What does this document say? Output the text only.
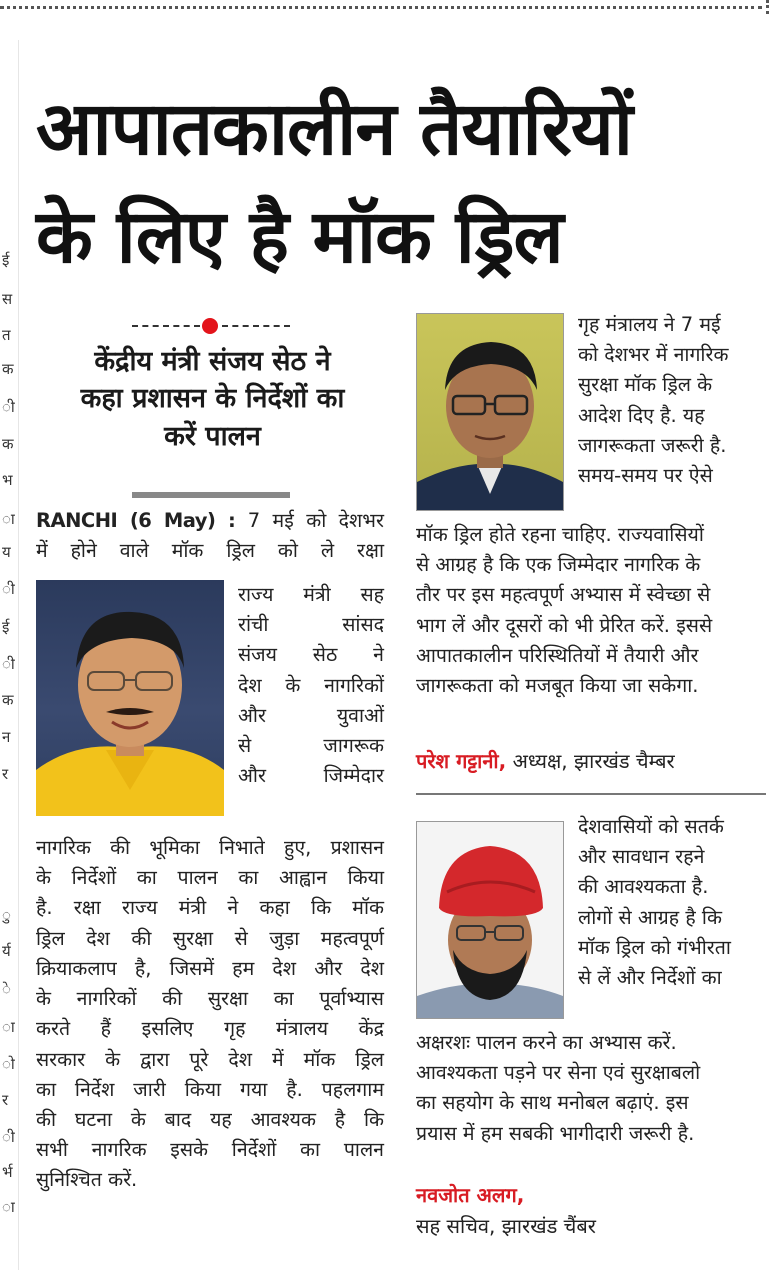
ई
स
त
क
ी
क
भ
ा
य
ी
ई
ी
क
न
र
ु
र्य
े
ा
ो
र
ी
र्भ
ा
आपातकालीन तैयारियों
के लिए है मॉक ड्रिल
केंद्रीय मंत्री संजय सेठ ने
कहा प्रशासन के निर्देशों का
करें पालन
RANCHI (6 May) : 7 मई को देशभर
में होने वाले मॉक ड्रिल को ले रक्षा
राज्य मंत्री सह
रांची सांसद
संजय सेठ ने
देश के नागरिकों
और युवाओं
से जागरूक
और जिम्मेदार
नागरिक की भूमिका निभाते हुए, प्रशासन
के निर्देशों का पालन का आह्वान किया
है. रक्षा राज्य मंत्री ने कहा कि मॉक
ड्रिल देश की सुरक्षा से जुड़ा महत्वपूर्ण
क्रियाकलाप है, जिसमें हम देश और देश
के नागरिकों की सुरक्षा का पूर्वाभ्यास
करते हैं इसलिए गृह मंत्रालय केंद्र
सरकार के द्वारा पूरे देश में मॉक ड्रिल
का निर्देश जारी किया गया है. पहलगाम
की घटना के बाद यह आवश्यक है कि
सभी नागरिक इसके निर्देशों का पालन
सुनिश्चित करें.
गृह मंत्रालय ने 7 मई
को देशभर में नागरिक
सुरक्षा मॉक ड्रिल के
आदेश दिए है. यह
जागरूकता जरूरी है.
समय-समय पर ऐसे
मॉक ड्रिल होते रहना चाहिए. राज्यवासियों
से आग्रह है कि एक जिम्मेदार नागरिक के
तौर पर इस महत्वपूर्ण अभ्यास में स्वेच्छा से
भाग लें और दूसरों को भी प्रेरित करें. इससे
आपातकालीन परिस्थितियों में तैयारी और
जागरूकता को मजबूत किया जा सकेगा.
परेश गट्टानी, अध्यक्ष, झारखंड चैम्बर
देशवासियों को सतर्क
और सावधान रहने
की आवश्यकता है.
लोगों से आग्रह है कि
मॉक ड्रिल को गंभीरता
से लें और निर्देशों का
अक्षरशः पालन करने का अभ्यास करें.
आवश्यकता पड़ने पर सेना एवं सुरक्षाबलो
का सहयोग के साथ मनोबल बढ़ाएं. इस
प्रयास में हम सबकी भागीदारी जरूरी है.
नवजोत अलग,
सह सचिव, झारखंड चैंबर
